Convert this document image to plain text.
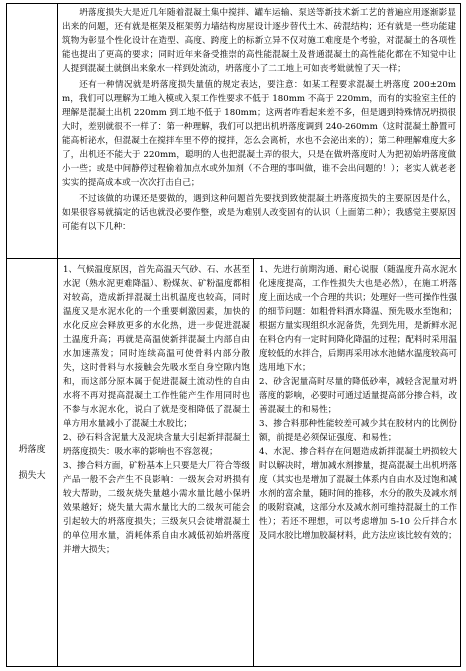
坍落度损失大是近几年随着混凝土集中搅拌、罐车运输、泵送等新技术新工艺的普遍应用逐渐影显出来的问题，还有就是框架及框架剪力墙结构房屋设计逐步替代土木、砖混结构；还有就是一些功能建筑物为彰显个性化设计在造型、高度、跨度上的标新立异不仅对施工难度是个考验，对混凝土的各项性能也提出了更高的要求；同时近年来备受推崇的高性能混凝土及普通混凝土的高性能化都在不知觉中让人提到混凝土就倒出来象水一样到处流动，坍落度小了二工地上可如丧考妣就惶了天一样；

还有一种情况就是坍落度损失量值的规定表达，要注意：如某工程要求混凝土坍落度 200±20mm，我们可以理解为工地入模或入泵工作性要求不低于 180mm 不高于 220mm，而有的实验室主任的理解是混凝土出机 220mm 到工地不低于 180mm；这两者咋看起来差不多，但是遇到特殊情况坍损很大时，差别就很不一样了：第一种理解，我们可以把出机坍落度调到 240-260mm（这时混凝土静置可能高析泌水，但混凝土在搅拌车里不停的搅拌，怎么会离析，水也不会泌出来的）；第二种理解难度大多了，出机还不能大于 220mm，聪明的人也把混凝土弄的很大，只是在做坍落度时人为把初始坍落度做小一些；或是中间静停过程偷着加点水或外加剂（不合理的事叫做，谁不会出问题的！）；老实人就老老实实的提高成本或一次次打击自己；

不过该做的功课还是要做的，遇到这种问题首先要找到致使混凝土坍落度损失的主要原因是什么，如果很容易就搞定的话也就没必要作整，或是为难别人改变固有的认识（上面第二种）；我感觉主要原因可能有以下几种：

坍落度
损失大

1、气候温度原因，首先高温天气砂、石、水甚至水泥（熟水泥更难降温）、粉煤灰、矿粉温度都相对较高，造成新拌混凝土出机温度也较高，同时温度又是水泥水化的一个重要刺激因素，加快的水化反应会释放更多的水化热，进一步促进混凝土温度升高；再就是高温使新拌混凝土内部自由水加速蒸发；同时连续高温可使骨料内部分散失，这时骨料与水接触会先吸水至自身空隙内饱和，而这部分原本属于促进混凝土流动性的自由水将不再对提高混凝土工作性能产生作用同时也不参与水泥水化，说白了就是变相降低了混凝土单方用水量减小了混凝土水胶比；

2、砂石料含泥量大及泥块含量大引起新拌混凝土坍落度损失：吸水率的影响也不容忽视；

3、掺合料方面，矿粉基本上只要是大厂符合等级产品一般不会产生不良影响：一级灰会对坍损有较大帮助，二级灰烧失量越小需水量比越小保坍效果越好；烧失量大需水量比大的二级灰可能会引起较大的坍落度损失；三级灰只会徒增混凝土的单位用水量，消耗体系自由水减低初始坍落度并增大损失；

1、先进行前期沟通、耐心说服（随温度升高水泥水化速度提高，工作性损失大也是必然），在施工坍落度上面达成一个合理的共识；处理好一些可操作性强的细节问题：如粗骨料洒水降温、预先吸水至饱和；根据方量实现组织水泥备货，先到先用，是新鲜水泥在料仓内有一定时间降化降温的过程；配料时采用温度较低的水拌合，后期再采用冰水池储水温度较高可选用地下水；

2、砂含泥量高时尽量的降低砂率，减轻含泥量对坍落度的影响，必要时可通过适量提高部分掺合料，改善混凝土的和易性；

3、掺合料那种性能较差可减少其在胶材内的比例份额，前提是必须保证强度、和易性；

4、水泥、掺合料存在问题造成新拌混凝土坍损较大时以解决时，增加减水剂掺量，提高混凝土出机坍落度（其实也是增加了混凝土体系内自由水及过饱和减水剂的富余量，随时间的推移，水分的散失及减水剂的吸附衰减，这部分水及减水剂可维持混凝土的工作性）；若还不理想，可以考虑增加 5-10 公斤拌合水及同水胶比增加胶凝材料，此方法应该比较有效的；
